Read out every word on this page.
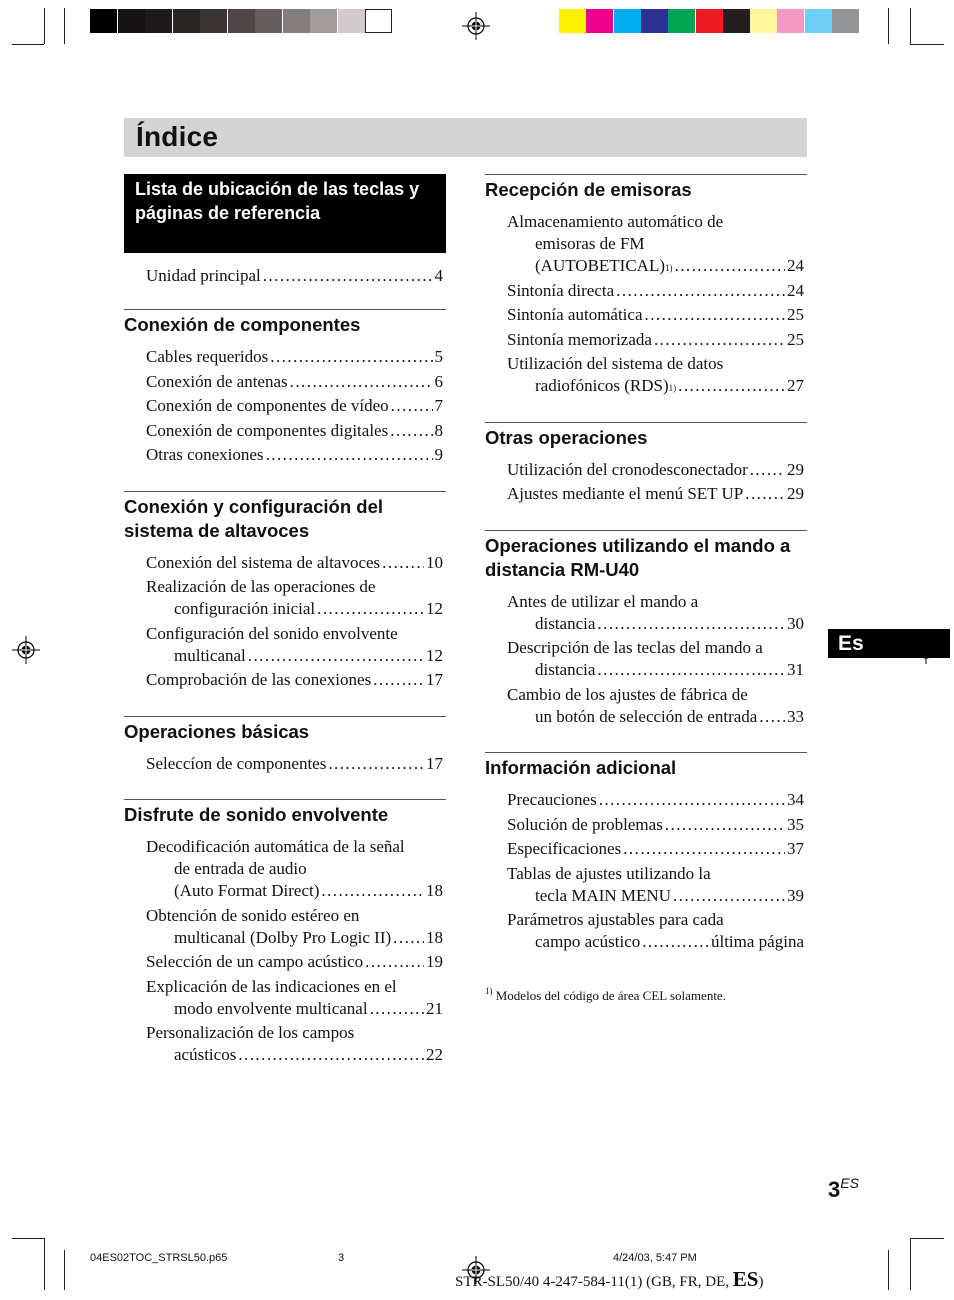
Índice
Lista de ubicación de las teclas y páginas de referencia
Unidad principal . . .	4
Conexión de componentes
Cables requeridos . . .	5
Conexión de antenas . . .	6
Conexión de componentes de vídeo . . .	7
Conexión de componentes digitales . . .	8
Otras conexiones . . .	9
Conexión y configuración del sistema de altavoces
Conexión del sistema de altavoces . . .	10
Realización de las operaciones de
configuración inicial . . .	12
Configuración del sonido envolvente
multicanal . . .	12
Comprobación de las conexiones . . .	17
Operaciones básicas
Seleccíon de componentes . . .	17
Disfrute de sonido envolvente
Decodificación automática de la señal
de entrada de audio
(Auto Format Direct) . . .	18
Obtención de sonido estéreo en
multicanal (Dolby Pro Logic II) . . . 18
Selección de un campo acústico . . .	19
Explicación de las indicaciones en el
modo envolvente multicanal . . .	21
Personalización de los campos
acústicos . . .	22
Recepción de emisoras
Almacenamiento automático de
emisoras de FM
(AUTOBETICAL) 1) . . .	24
Sintonía directa . . .	24
Sintonía automática . . .	25
Sintonía memorizada . . .	25
Utilización del sistema de datos
radiofónicos (RDS) 1) . . .	27
Otras operaciones
Utilización del cronodesconectador . . . 29
Ajustes mediante el menú SET UP . . .	29
Operaciones utilizando el mando a distancia RM-U40
Antes de utilizar el mando a
distancia . . .	30
Descripción de las teclas del mando a
distancia . . .	31
Cambio de los ajustes de fábrica de
un botón de selección de entrada . . . 33
Información adicional
Precauciones . . .	34
Solución de problemas . . .	35
Especificaciones . . .	37
Tablas de ajustes utilizando la
tecla MAIN MENU . . .	39
Parámetros ajustables para cada
campo acústico . . .	última página
$^{1)}$ Modelos del código de área CEL solamente.
Es
$3^{ES}$
04ES02TOC_STRSL50.p65	3	4/24/03, 5:47 PM
STR-SL50/40 4-247-584-11(1) (GB, FR, DE, ES)
